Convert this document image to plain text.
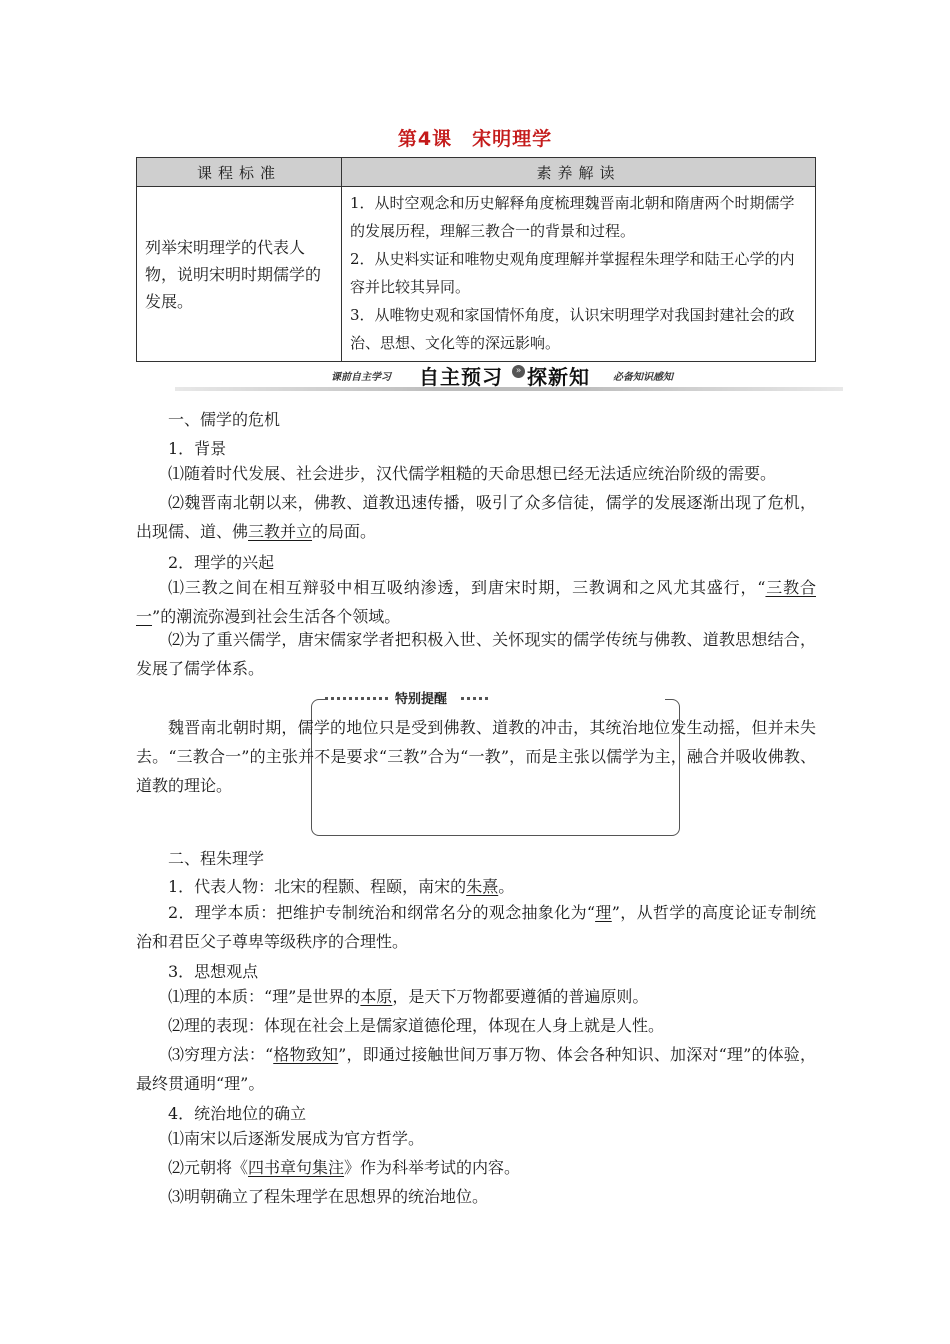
第4课　宋明理学
课程标准	素养解读
列举宋明理学的代表人物，说明宋明时期儒学的发展。	1．从时空观念和历史解释角度梳理魏晋南北朝和隋唐两个时期儒学的发展历程，理解三教合一的背景和过程。

2．从史料实证和唯物史观角度理解并掌握程朱理学和陆王心学的内容并比较其异同。

3．从唯物史观和家国情怀角度，认识宋明理学对我国封建社会的政治、思想、文化等的深远影响。

课前自主学习 自主预习	» 探新知 必备知识感知
一、儒学的危机
1．背景
⑴随着时代发展、社会进步，汉代儒学粗糙的天命思想已经无法适应统治阶级的需要。
⑵魏晋南北朝以来，佛教、道教迅速传播，吸引了众多信徒，儒学的发展逐渐出现了危机，出现儒、道、佛三教并立的局面。
2．理学的兴起
⑴三教之间在相互辩驳中相互吸纳渗透，到唐宋时期，三教调和之风尤其盛行，“三教合一”的潮流弥漫到社会生活各个领域。
⑵为了重兴儒学，唐宋儒家学者把积极入世、关怀现实的儒学传统与佛教、道教思想结合，发展了儒学体系。
特别提醒
魏晋南北朝时期，儒学的地位只是受到佛教、道教的冲击，其统治地位发生动摇，但并未失去。“三教合一”的主张并不是要求“三教”合为“一教”，而是主张以儒学为主，融合并吸收佛教、道教的理论。
二、程朱理学
1．代表人物：北宋的程颢、程颐，南宋的朱熹。
2．理学本质：把维护专制统治和纲常名分的观念抽象化为“理”，从哲学的高度论证专制统治和君臣父子尊卑等级秩序的合理性。
3．思想观点
⑴理的本质：“理”是世界的本原，是天下万物都要遵循的普遍原则。
⑵理的表现：体现在社会上是儒家道德伦理，体现在人身上就是人性。
⑶穷理方法：“格物致知”，即通过接触世间万事万物、体会各种知识、加深对“理”的体验，最终贯通明“理”。
4．统治地位的确立
⑴南宋以后逐渐发展成为官方哲学。
⑵元朝将《四书章句集注》作为科举考试的内容。
⑶明朝确立了程朱理学在思想界的统治地位。
